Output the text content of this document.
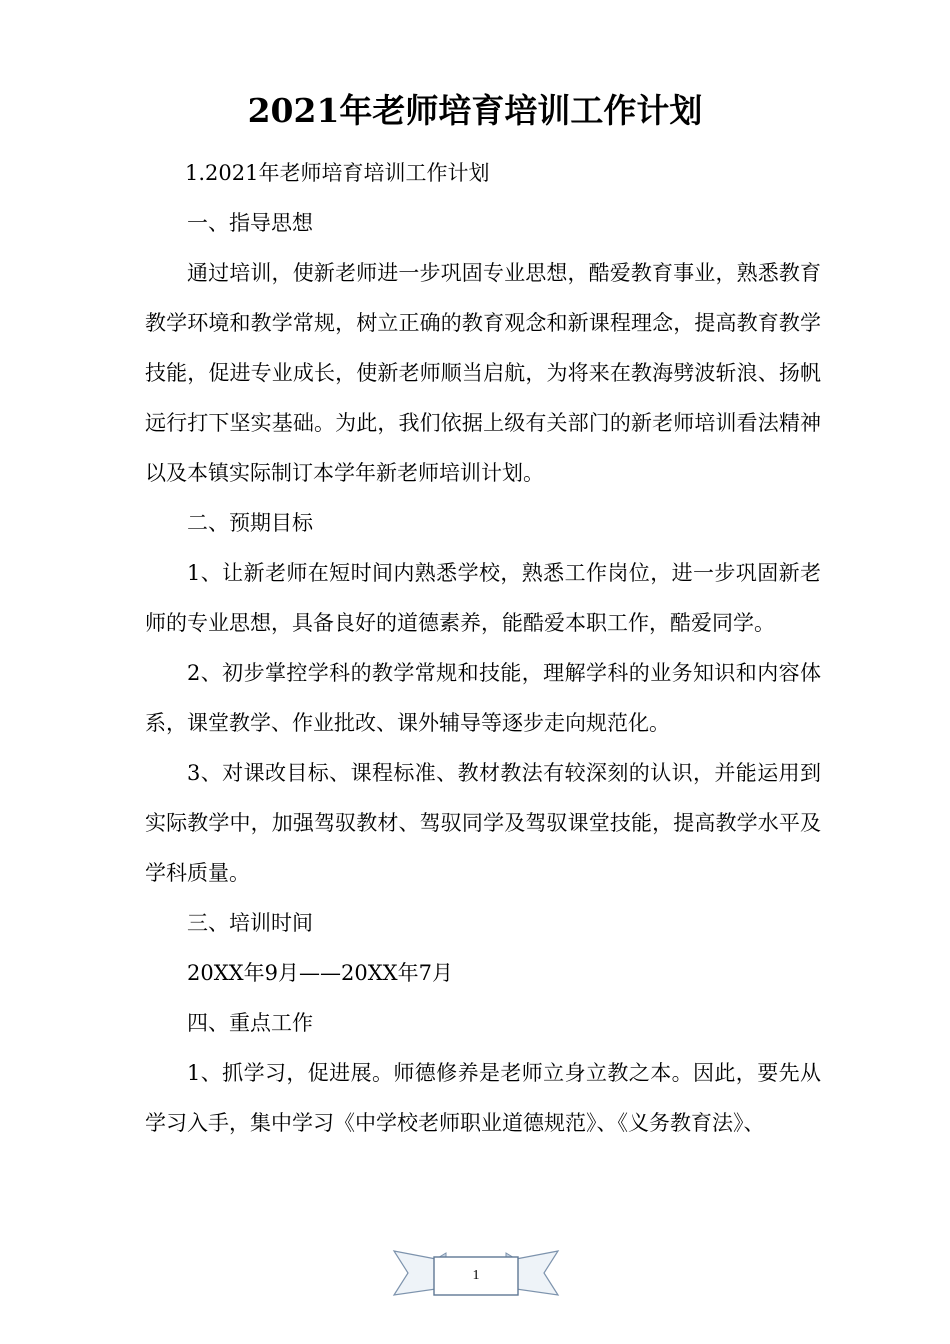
2021年老师培育培训工作计划

1.2021年老师培育培训工作计划

一、指导思想

通过培训，使新老师进一步巩固专业思想，酷爱教育事业，熟悉教育教学环境和教学常规，树立正确的教育观念和新课程理念，提高教育教学技能，促进专业成长，使新老师顺当启航，为将来在教海劈波斩浪、扬帆远行打下坚实基础。为此，我们依据上级有关部门的新老师培训看法精神以及本镇实际制订本学年新老师培训计划。

二、预期目标

1、让新老师在短时间内熟悉学校，熟悉工作岗位，进一步巩固新老师的专业思想，具备良好的道德素养，能酷爱本职工作，酷爱同学。

2、初步掌控学科的教学常规和技能，理解学科的业务知识和内容体系，课堂教学、作业批改、课外辅导等逐步走向规范化。

3、对课改目标、课程标准、教材教法有较深刻的认识，并能运用到实际教学中，加强驾驭教材、驾驭同学及驾驭课堂技能，提高教学水平及学科质量。

三、培训时间

20XX年9月——20XX年7月

四、重点工作

1、抓学习，促进展。师德修养是老师立身立教之本。因此，要先从学习入手，集中学习《中学校老师职业道德规范》、《义务教育法》、

1
